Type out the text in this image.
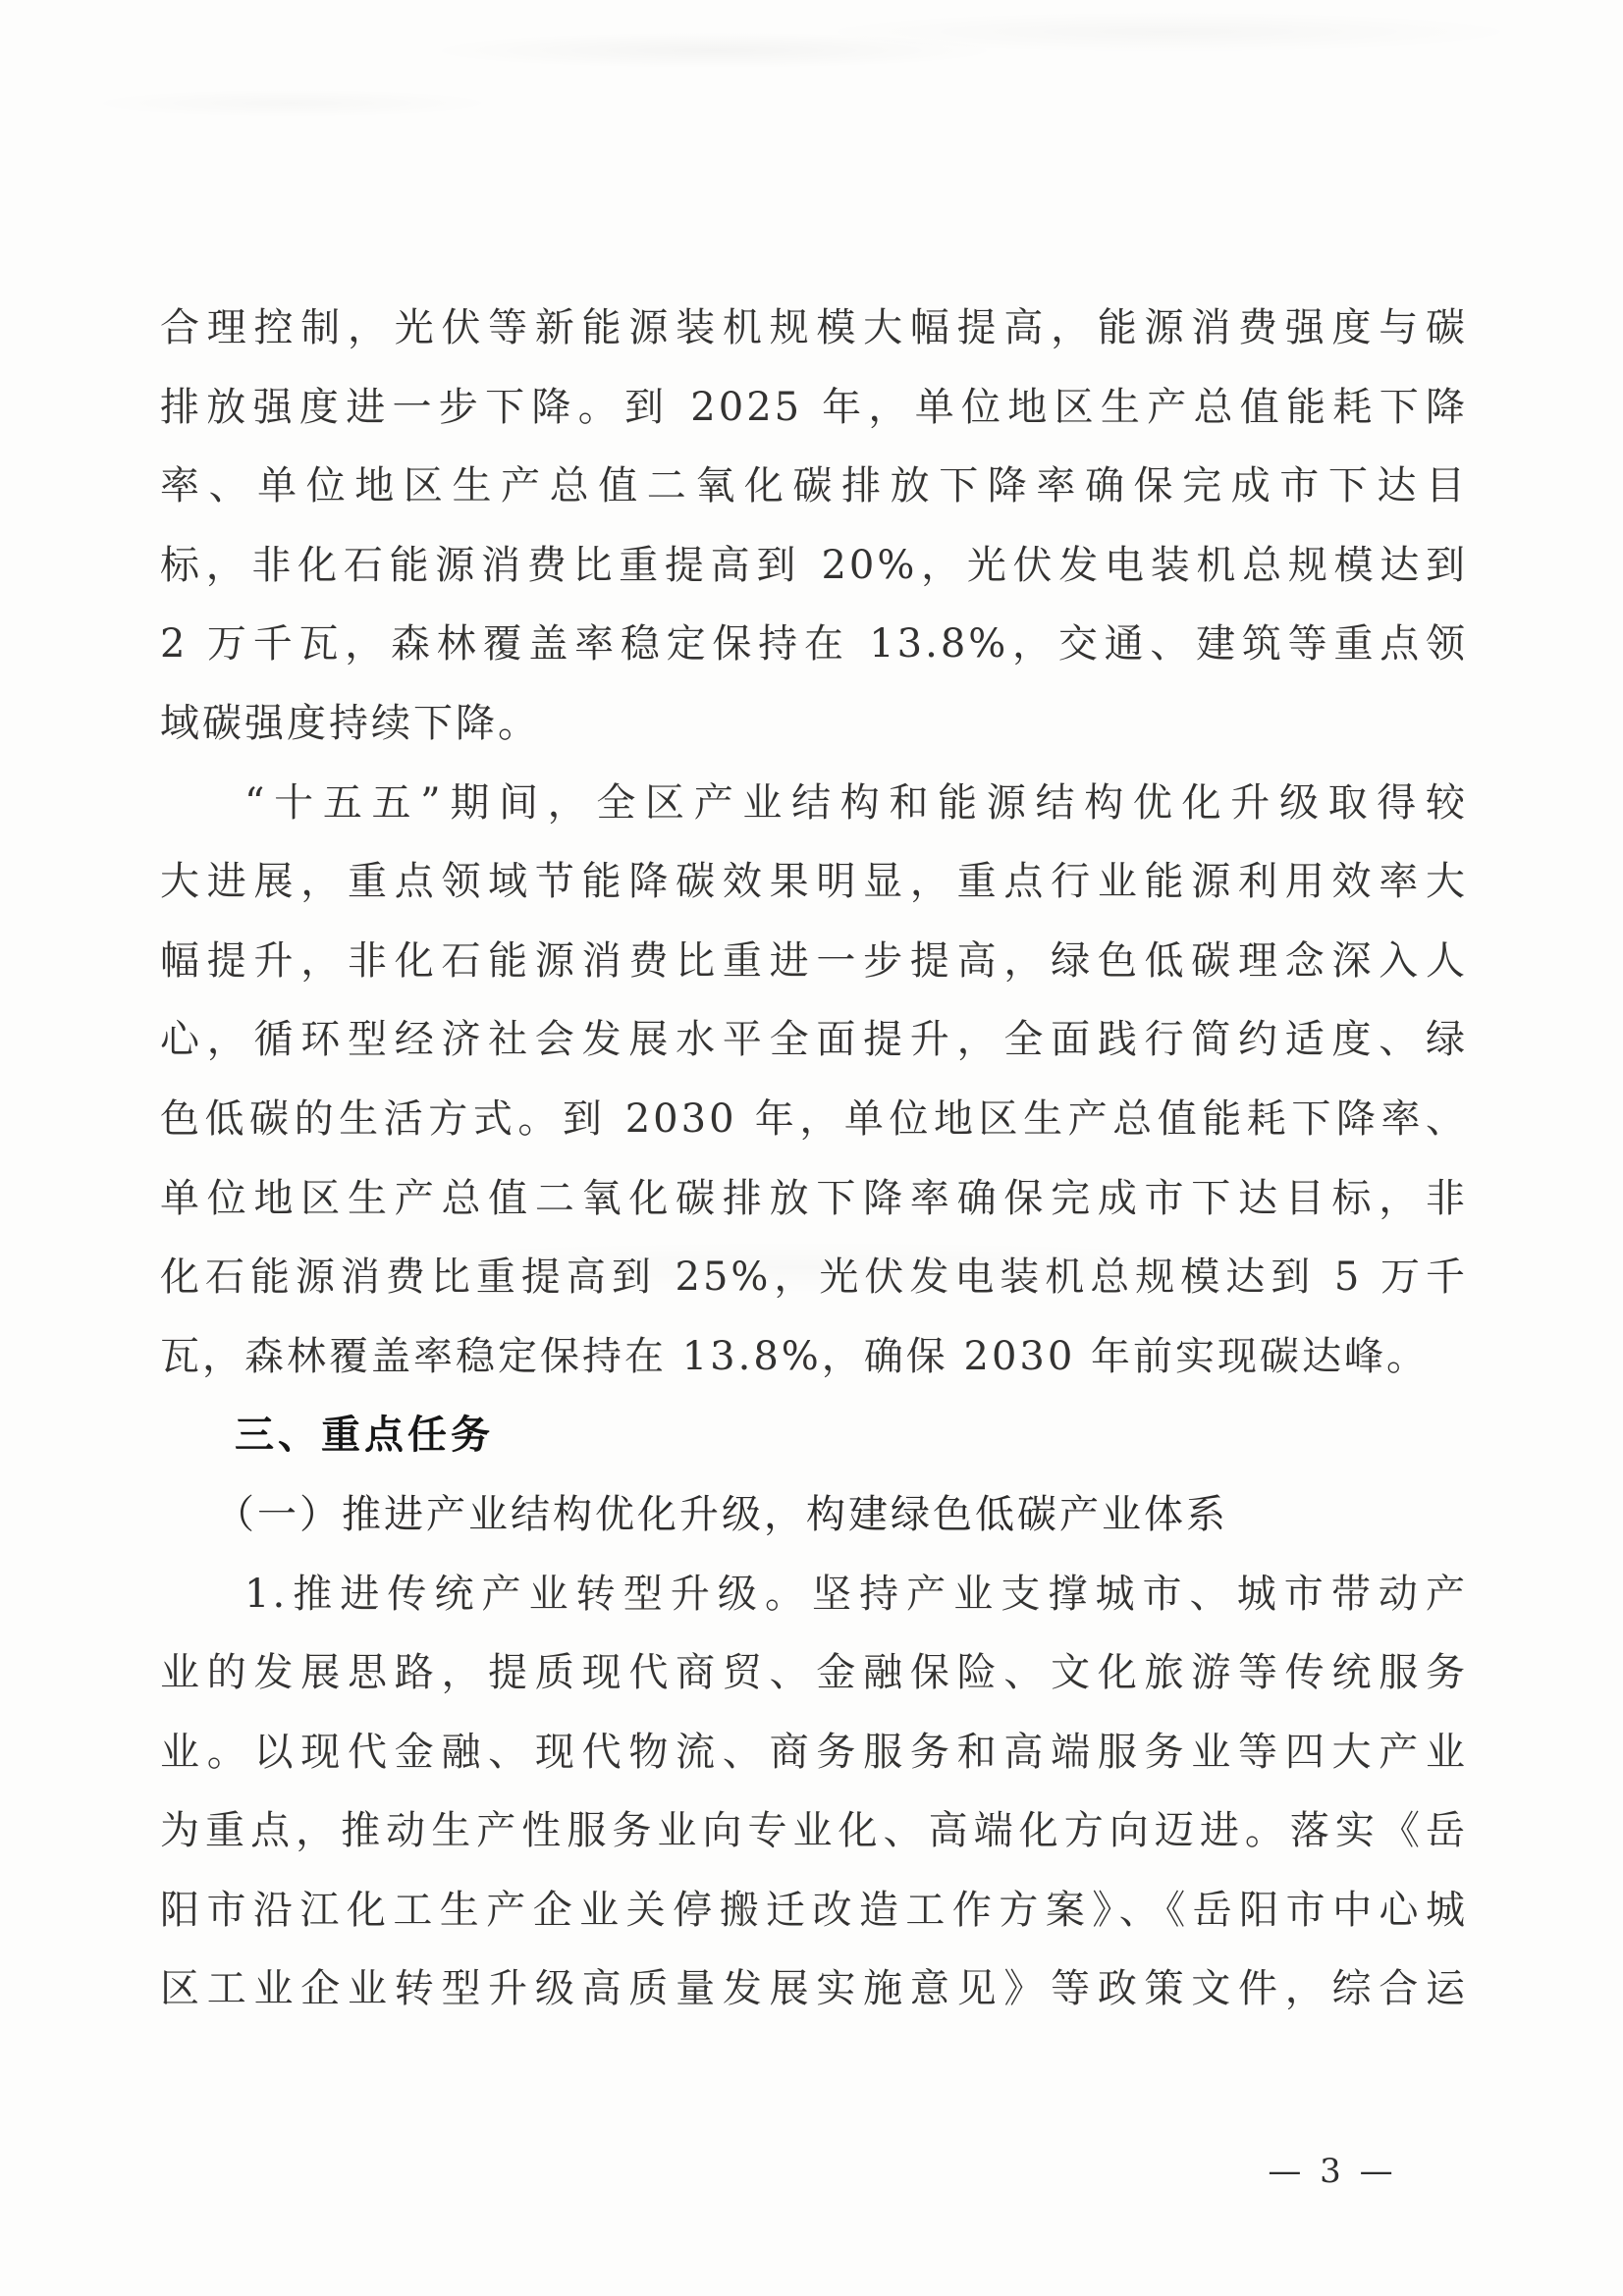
合理控制，光伏等新能源装机规模大幅提高，能源消费强度与碳
排放强度进一步下降。到 2025 年，单位地区生产总值能耗下降
率、单位地区生产总值二氧化碳排放下降率确保完成市下达目
标，非化石能源消费比重提高到 20%，光伏发电装机总规模达到
2 万千瓦，森林覆盖率稳定保持在 13.8%，交通、建筑等重点领
域碳强度持续下降。
“十五五”期间，全区产业结构和能源结构优化升级取得较
大进展，重点领域节能降碳效果明显，重点行业能源利用效率大
幅提升，非化石能源消费比重进一步提高，绿色低碳理念深入人
心，循环型经济社会发展水平全面提升，全面践行简约适度、绿
色低碳的生活方式。到 2030 年，单位地区生产总值能耗下降率、
单位地区生产总值二氧化碳排放下降率确保完成市下达目标，非
化石能源消费比重提高到 25%，光伏发电装机总规模达到 5 万千
瓦，森林覆盖率稳定保持在 13.8%，确保 2030 年前实现碳达峰。
三、重点任务
（一）推进产业结构优化升级，构建绿色低碳产业体系
1.推进传统产业转型升级。坚持产业支撑城市、城市带动产
业的发展思路，提质现代商贸、金融保险、文化旅游等传统服务
业。以现代金融、现代物流、商务服务和高端服务业等四大产业
为重点，推动生产性服务业向专业化、高端化方向迈进。落实《岳
阳市沿江化工生产企业关停搬迁改造工作方案》、《岳阳市中心城
区工业企业转型升级高质量发展实施意见》等政策文件，综合运
— 3 —
